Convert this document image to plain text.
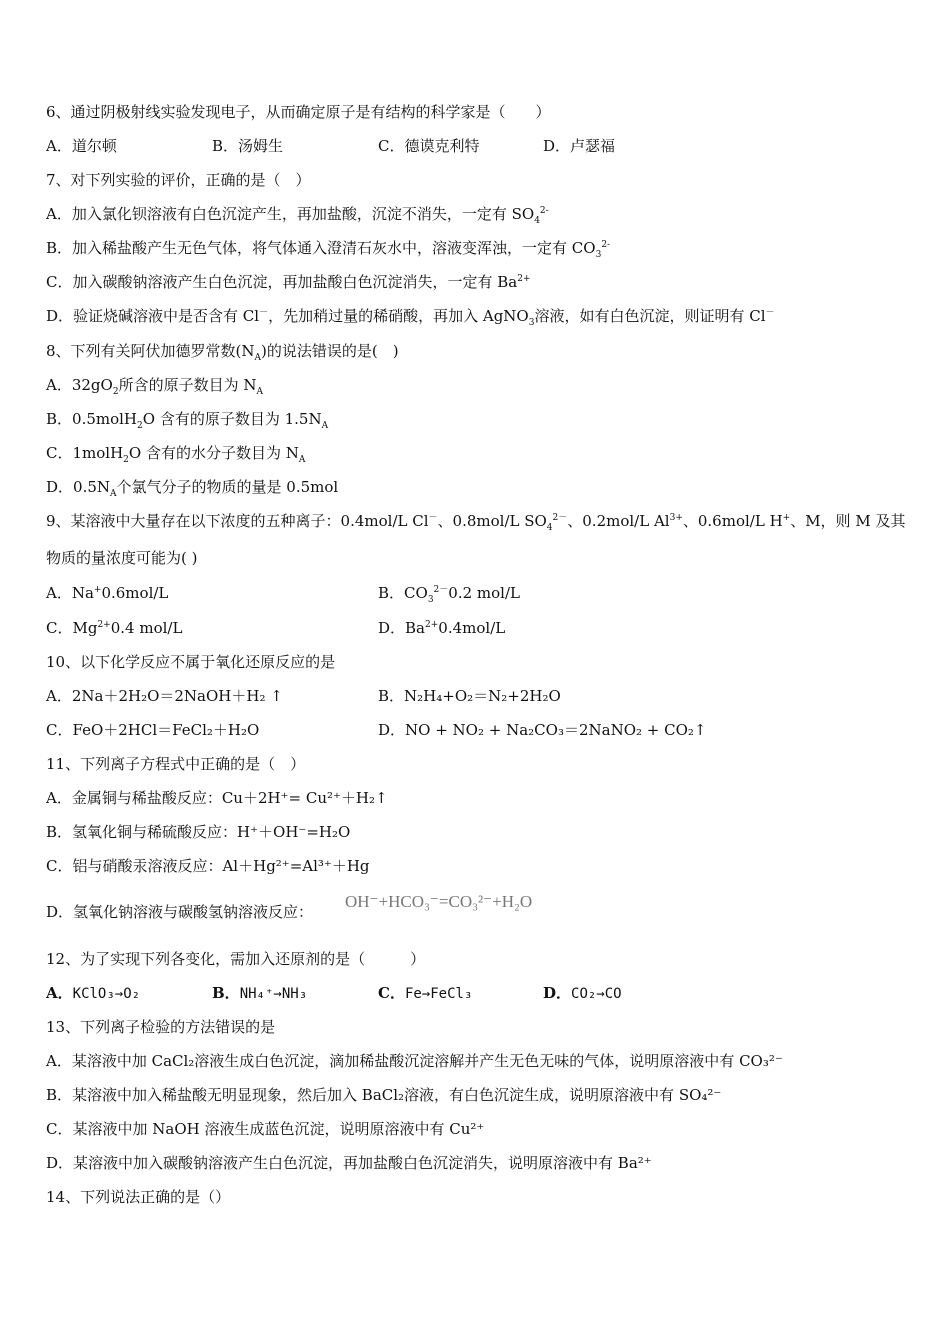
6、通过阴极射线实验发现电子，从而确定原子是有结构的科学家是（　　）
A．道尔顿	B．汤姆生	C．德谟克利特	D．卢瑟福
7、对下列实验的评价，正确的是（　）
A．加入氯化钡溶液有白色沉淀产生，再加盐酸，沉淀不消失，一定有 $SO_4^{2-}$
B．加入稀盐酸产生无色气体，将气体通入澄清石灰水中，溶液变浑浊，一定有 $CO_3^{2-}$
C．加入碳酸钠溶液产生白色沉淀，再加盐酸白色沉淀消失，一定有 $Ba^{2+}$
D．验证烧碱溶液中是否含有 Cl－，先加稍过量的稀硝酸，再加入 AgNO$_3$溶液，如有白色沉淀，则证明有 Cl－
8、下列有关阿伏加德罗常数$(N_A)$的说法错误的是(　)
A．$32gO_2$所含的原子数目为 $N_A$
B．0.5molH$_2$O 含有的原子数目为 $1.5N_A$
C．1molH$_2$O 含有的水分子数目为 $N_A$
D．$0.5N_A$个氯气分子的物质的量是 0.5mol
9、某溶液中大量存在以下浓度的五种离子：0.4mol/L Cl－、0.8mol/L $SO_4^{2-}$、0.2mol/L $Al^{3+}$、0.6mol/L H+、M，则 M 及其
物质的量浓度可能为( )
A．Na+0.6mol/L	B．$CO_3^{2-}0.2$ mol/L
C．$Mg^{2+}0.4$ mol/L	D．$Ba^{2+}0.4mol/L$
10、以下化学反应不属于氧化还原反应的是
A．2Na＋2H₂O＝2NaOH＋H₂ ↑	B．N₂H₄+O₂＝N₂+2H₂O
C．FeO＋2HCl＝FeCl₂＋H₂O	D．NO + NO₂ + Na₂CO₃＝2NaNO₂ + CO₂↑
11、下列离子方程式中正确的是（　）
A．金属铜与稀盐酸反应：Cu＋2H⁺= Cu²⁺＋H₂↑
B．氢氧化铜与稀硫酸反应：H⁺＋OH⁻=H₂O
C．铝与硝酸汞溶液反应：Al＋Hg²⁺=Al³⁺＋Hg
D．氢氧化钠溶液与碳酸氢钠溶液反应：
OH⁻+HCO₃⁻=CO₃²⁻+H₂O
12、为了实现下列各变化，需加入还原剂的是（　　　）
A．KClO₃→O₂	B．NH₄⁺→NH₃	C．Fe→FeCl₃	D．CO₂→CO
13、下列离子检验的方法错误的是
A．某溶液中加 CaCl₂溶液生成白色沉淀，滴加稀盐酸沉淀溶解并产生无色无味的气体，说明原溶液中有 CO₃²⁻
B．某溶液中加入稀盐酸无明显现象，然后加入 BaCl₂溶液，有白色沉淀生成，说明原溶液中有 SO₄²⁻
C．某溶液中加 NaOH 溶液生成蓝色沉淀，说明原溶液中有 Cu²⁺
D．某溶液中加入碳酸钠溶液产生白色沉淀，再加盐酸白色沉淀消失，说明原溶液中有 Ba²⁺
14、下列说法正确的是（）
